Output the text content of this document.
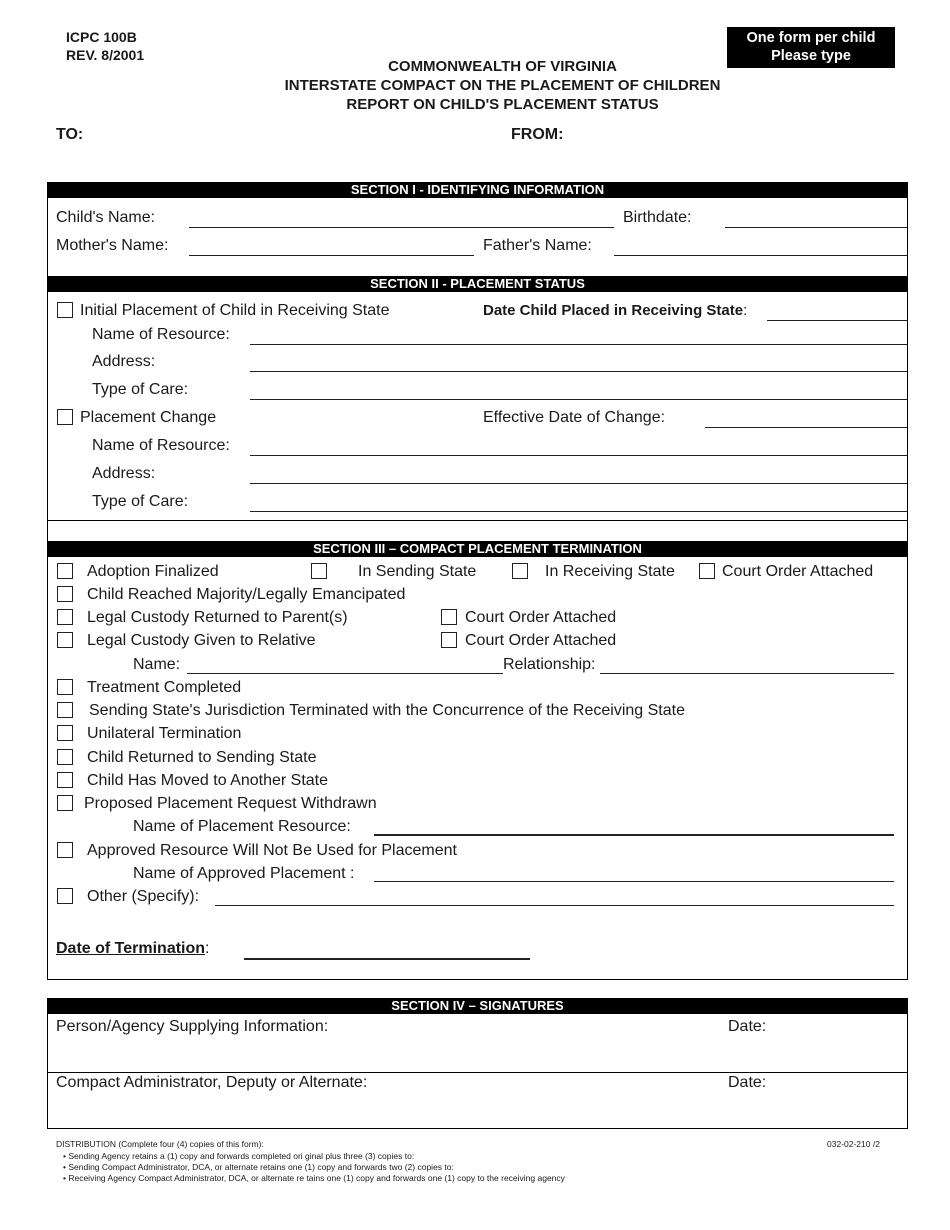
ICPC 100B
REV. 8/2001
One form per child
Please type
COMMONWEALTH OF VIRGINIA
INTERSTATE COMPACT ON THE PLACEMENT OF CHILDREN
REPORT ON CHILD'S PLACEMENT STATUS
TO:	FROM:
SECTION I - IDENTIFYING INFORMATION
Child's Name:	Birthdate:
Mother's Name:	Father's Name:
SECTION II - PLACEMENT STATUS
Initial Placement of Child in Receiving State	Date Child Placed in Receiving State:
Name of Resource:
Address:
Type of Care:
Placement Change	Effective Date of Change:
Name of Resource:
Address:
Type of Care:
SECTION III – COMPACT PLACEMENT TERMINATION
Adoption Finalized	In Sending State	In Receiving State	Court Order Attached
Child Reached Majority/Legally Emancipated
Legal Custody Returned to Parent(s)	Court Order Attached
Legal Custody Given to Relative	Court Order Attached
Name:	Relationship:
Treatment Completed
Sending State's Jurisdiction Terminated with the Concurrence of the Receiving State
Unilateral Termination
Child Returned to Sending State
Child Has Moved to Another State
Proposed Placement Request Withdrawn
Name of Placement Resource:
Approved Resource Will Not Be Used for Placement
Name of Approved Placement :
Other (Specify):
Date of Termination:
SECTION IV – SIGNATURES
Person/Agency Supplying Information:	Date:
Compact Administrator, Deputy or Alternate:	Date:
DISTRIBUTION (Complete four (4) copies of this form):	032-02-210 /2
• Sending Agency retains a (1) copy and forwards completed ori ginal plus three (3) copies to:
• Sending Compact Administrator, DCA, or alternate retains one (1) copy and forwards two (2) copies to:
• Receiving Agency Compact Administrator, DCA, or alternate re tains one (1) copy and forwards one (1) copy to the receiving agency
